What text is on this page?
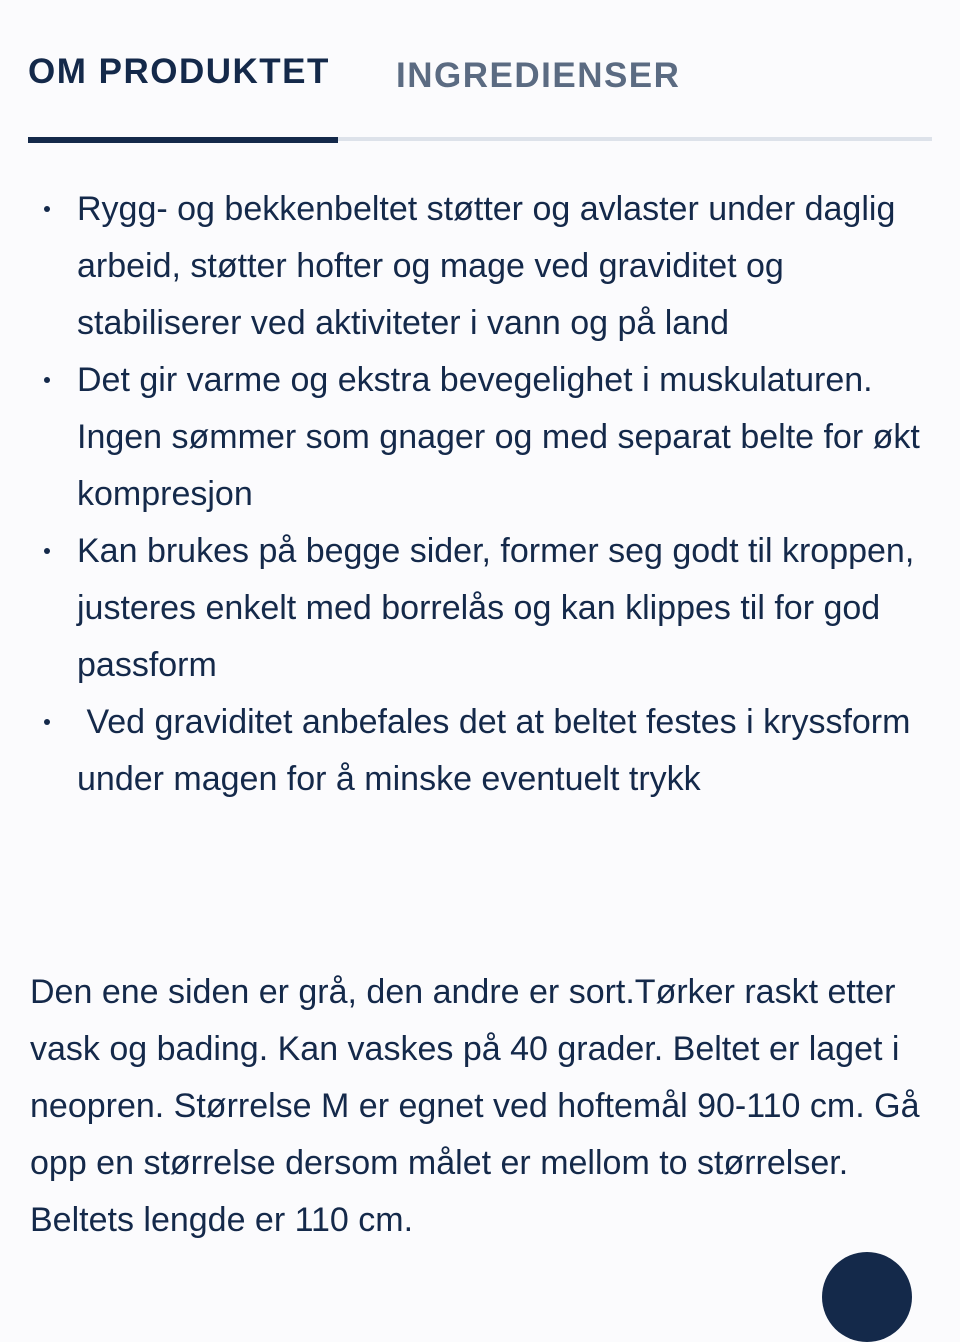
OM PRODUKTET INGREDIENSER
Rygg- og bekkenbeltet støtter og avlaster under daglig arbeid, støtter hofter og mage ved graviditet og stabiliserer ved aktiviteter i vann og på land
Det gir varme og ekstra bevegelighet i muskulaturen. Ingen sømmer som gnager og med separat belte for økt kompresjon
Kan brukes på begge sider, former seg godt til kroppen, justeres enkelt med borrelås og kan klippes til for god passform
Ved graviditet anbefales det at beltet festes i kryssform under magen for å minske eventuelt trykk

Den ene siden er grå, den andre er sort.Tørker raskt etter vask og bading. Kan vaskes på 40 grader. Beltet er laget i neopren. Størrelse M er egnet ved hoftemål 90-110 cm. Gå opp en størrelse dersom målet er mellom to størrelser. Beltets lengde er 110 cm.
